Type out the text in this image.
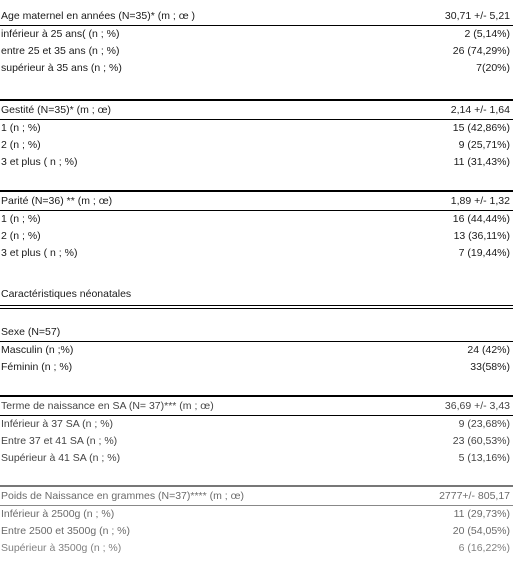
Age maternel en années (N=35)* (m ; œ )	30,71 +/- 5,21
inférieur à 25 ans( (n ; %)	2 (5,14%)
entre 25 et 35 ans (n ; %)	26 (74,29%)
supérieur à 35 ans (n ; %)	7(20%)
Gestité (N=35)* (m ; œ)	2,14 +/- 1,64
1 (n ; %)	15 (42,86%)
2 (n ; %)	9 (25,71%)
3 et plus ( n ; %)	11 (31,43%)
Parité (N=36) ** (m ; œ)	1,89 +/- 1,32
1 (n ; %)	16 (44,44%)
2 (n ; %)	13 (36,11%)
3 et plus ( n ; %)	7 (19,44%)
Caractéristiques néonatales
Sexe (N=57)
Masculin (n ;%)	24 (42%)
Féminin (n ; %)	33(58%)
Terme de naissance en SA (N= 37)*** (m ; œ)	36,69 +/- 3,43
Inférieur à 37 SA (n ; %)	9 (23,68%)
Entre 37 et 41 SA (n ; %)	23 (60,53%)
Supérieur à 41 SA (n ; %)	5 (13,16%)
Poids de Naissance en grammes (N=37)**** (m ; œ)	2777+/- 805,17
Inférieur à 2500g (n ; %)	11 (29,73%)
Entre 2500 et 3500g (n ; %)	20 (54,05%)
Supérieur à 3500g (n ; %)	6 (16,22%)
